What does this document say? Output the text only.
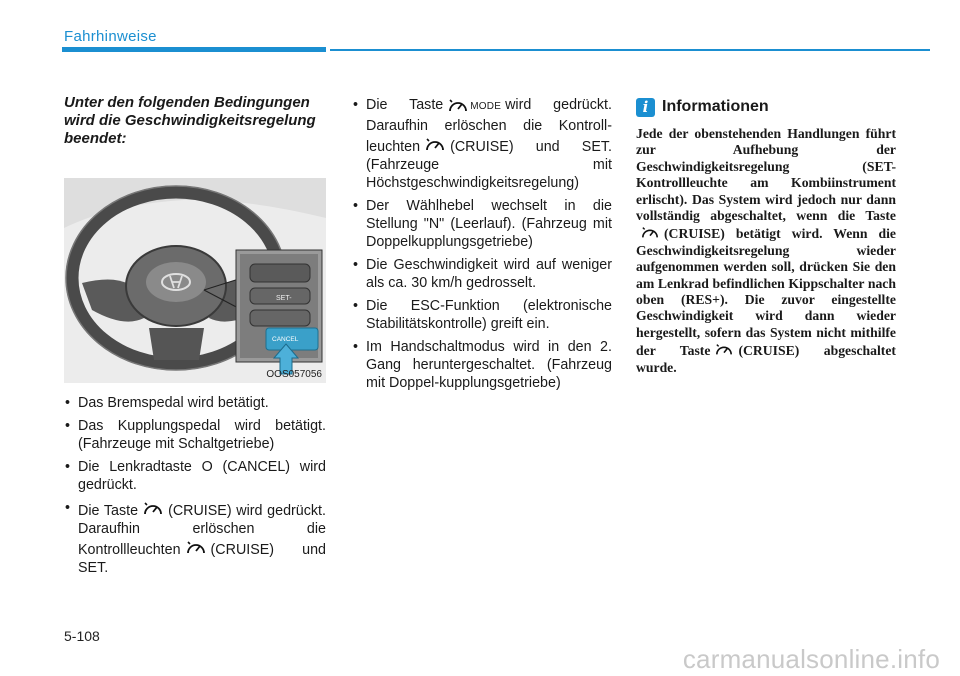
Fahrhinweise

Unter den folgenden Bedingungen wird die Geschwindigkeitsregelung beendet:

SET-
CANCEL
OOS057056
• Das Bremspedal wird betätigt.
• Das Kupplungspedal wird betätigt. (Fahrzeuge mit Schaltgetriebe)
• Die Lenkradtaste O (CANCEL) wird gedrückt.
• Die Taste (CRUISE) wird gedrückt. Daraufhin erlöschen die Kontrollleuchten (CRUISE) und SET.
• Die Taste	$^{MODE}$ wird gedrückt. Daraufhin erlöschen die Kontroll-leuchten (CRUISE) und SET. (Fahrzeuge mit Höchstgeschwindigkeitsregelung)
• Der Wählhebel wechselt in die Stellung "N" (Leerlauf). (Fahrzeug mit Doppelkupplungsgetriebe)
• Die Geschwindigkeit wird auf weniger als ca. 30 km/h gedrosselt.
• Die ESC-Funktion (elektronische Stabilitätskontrolle) greift ein.
• Im Handschaltmodus wird in den 2. Gang heruntergeschaltet. (Fahrzeug mit Doppel-kupplungsgetriebe)
i Informationen
Jede der obenstehenden Handlungen führt zur Aufhebung der Geschwindigkeitsregelung (SET-Kontrollleuchte am Kombiinstrument erlischt). Das System wird jedoch nur dann vollständig abgeschaltet, wenn die Taste(CRUISE) betätigt wird. Wenn die Geschwindigkeitsregelung wieder aufgenommen werden soll, drücken Sie den am Lenkrad befindlichen Kippschalter nach oben (RES+). Die zuvor eingestellte Geschwindigkeit wird dann wieder hergestellt, sofern das System nicht mithilfe der Taste (CRUISE) abgeschaltet wurde.
5-108
carmanualsonline.info
